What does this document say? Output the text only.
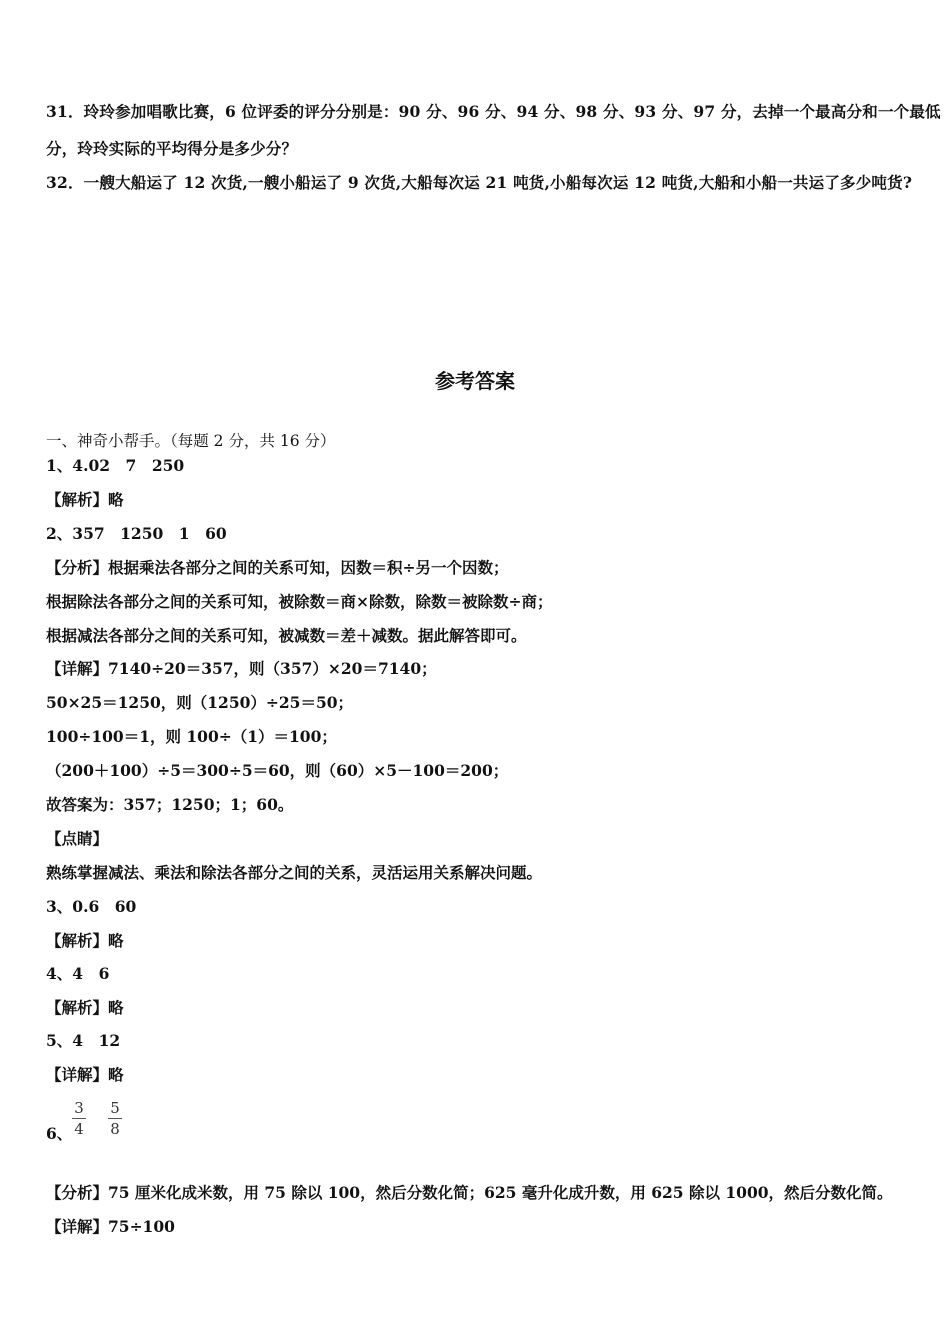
31．玲玲参加唱歌比赛，6 位评委的评分分别是：90 分、96 分、94 分、98 分、93 分、97 分，去掉一个最高分和一个最低
分，玲玲实际的平均得分是多少分？
32．一艘大船运了 12 次货,一艘小船运了 9 次货,大船每次运 21 吨货,小船每次运 12 吨货,大船和小船一共运了多少吨货?
参考答案
一、神奇小帮手。（每题 2 分，共 16 分）
1、4.02　7　250
【解析】略
2、357　1250　1　60
【分析】根据乘法各部分之间的关系可知，因数＝积÷另一个因数；
根据除法各部分之间的关系可知，被除数＝商×除数，除数＝被除数÷商；
根据减法各部分之间的关系可知，被减数＝差＋减数。据此解答即可。
【详解】7140÷20＝357，则（357）×20＝7140；
50×25＝1250，则（1250）÷25＝50；
100÷100＝1，则 100÷（1）＝100；
（200＋100）÷5＝300÷5＝60，则（60）×5－100＝200；
故答案为：357；1250；1；60。
【点睛】
熟练掌握减法、乘法和除法各部分之间的关系，灵活运用关系解决问题。
3、0.6　60
【解析】略
4、4　6
【解析】略
5、4　12
【详解】略
6、
3
4
5
8
【分析】75 厘米化成米数，用 75 除以 100，然后分数化简；625 毫升化成升数，用 625 除以 1000，然后分数化简。
【详解】75÷100
